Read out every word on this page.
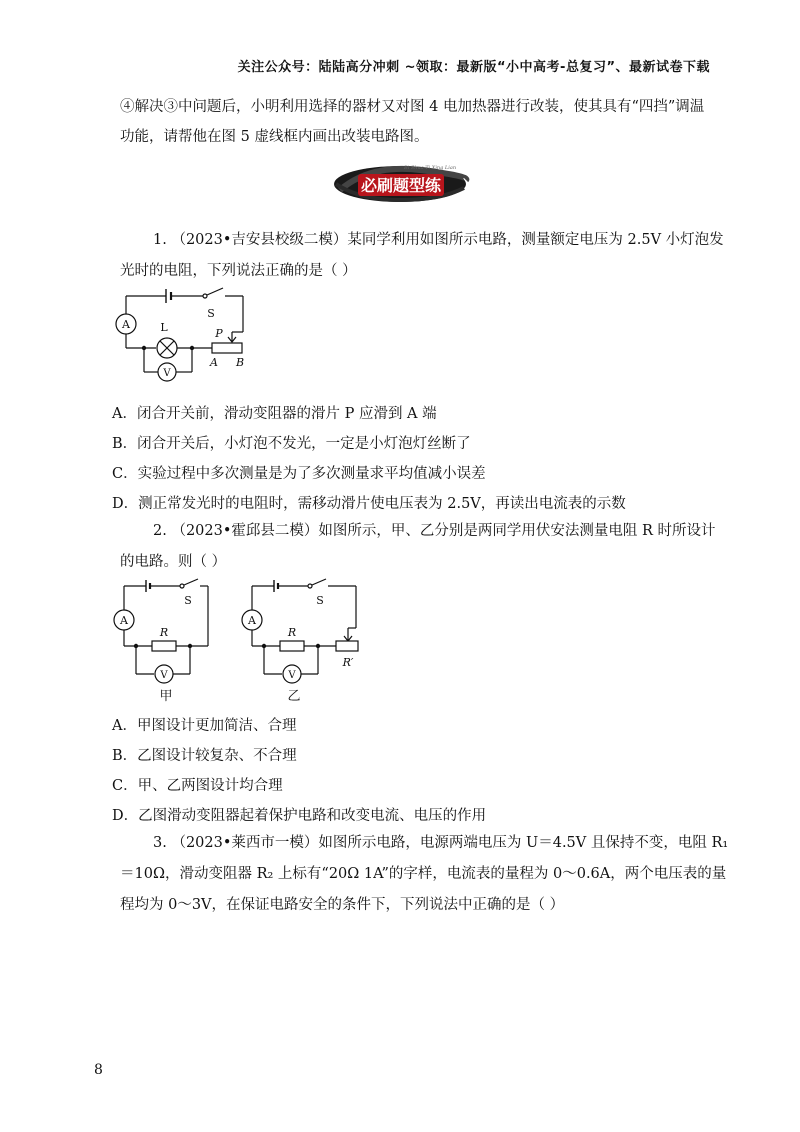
关注公众号：陆陆高分冲刺 ~领取：最新版“小中高考-总复习”、最新试卷下载
④解决③中问题后，小明利用选择的器材又对图 4 电加热器进行改装，使其具有“四挡”调温
功能，请帮他在图 5 虚线框内画出改装电路图。
必刷题型练
Bi Shua Ti Xing Lian
1. （2023•吉安县校级二模）某同学利用如图所示电路，测量额定电压为 2.5V 小灯泡发
光时的电阻，下列说法正确的是（ ）
A
V
S
L	P
A B
A．闭合开关前，滑动变阻器的滑片 P 应滑到 A 端
B．闭合开关后，小灯泡不发光，一定是小灯泡灯丝断了
C．实验过程中多次测量是为了多次测量求平均值减小误差
D．测正常发光时的电阻时，需移动滑片使电压表为 2.5V，再读出电流表的示数
2. （2023•霍邱县二模）如图所示，甲、乙分别是两同学用伏安法测量电阻 R 时所设计
的电路。则（ ）
A
V
S
R
甲
A
V
S
R
R′
乙
A．甲图设计更加简洁、合理
B．乙图设计较复杂、不合理
C．甲、乙两图设计均合理
D．乙图滑动变阻器起着保护电路和改变电流、电压的作用
3. （2023•莱西市一模）如图所示电路，电源两端电压为 U＝4.5V 且保持不变，电阻 R₁
＝10Ω，滑动变阻器 R₂ 上标有“20Ω 1A”的字样，电流表的量程为 0～0.6A，两个电压表的量
程均为 0～3V，在保证电路安全的条件下，下列说法中正确的是（ ）
8
